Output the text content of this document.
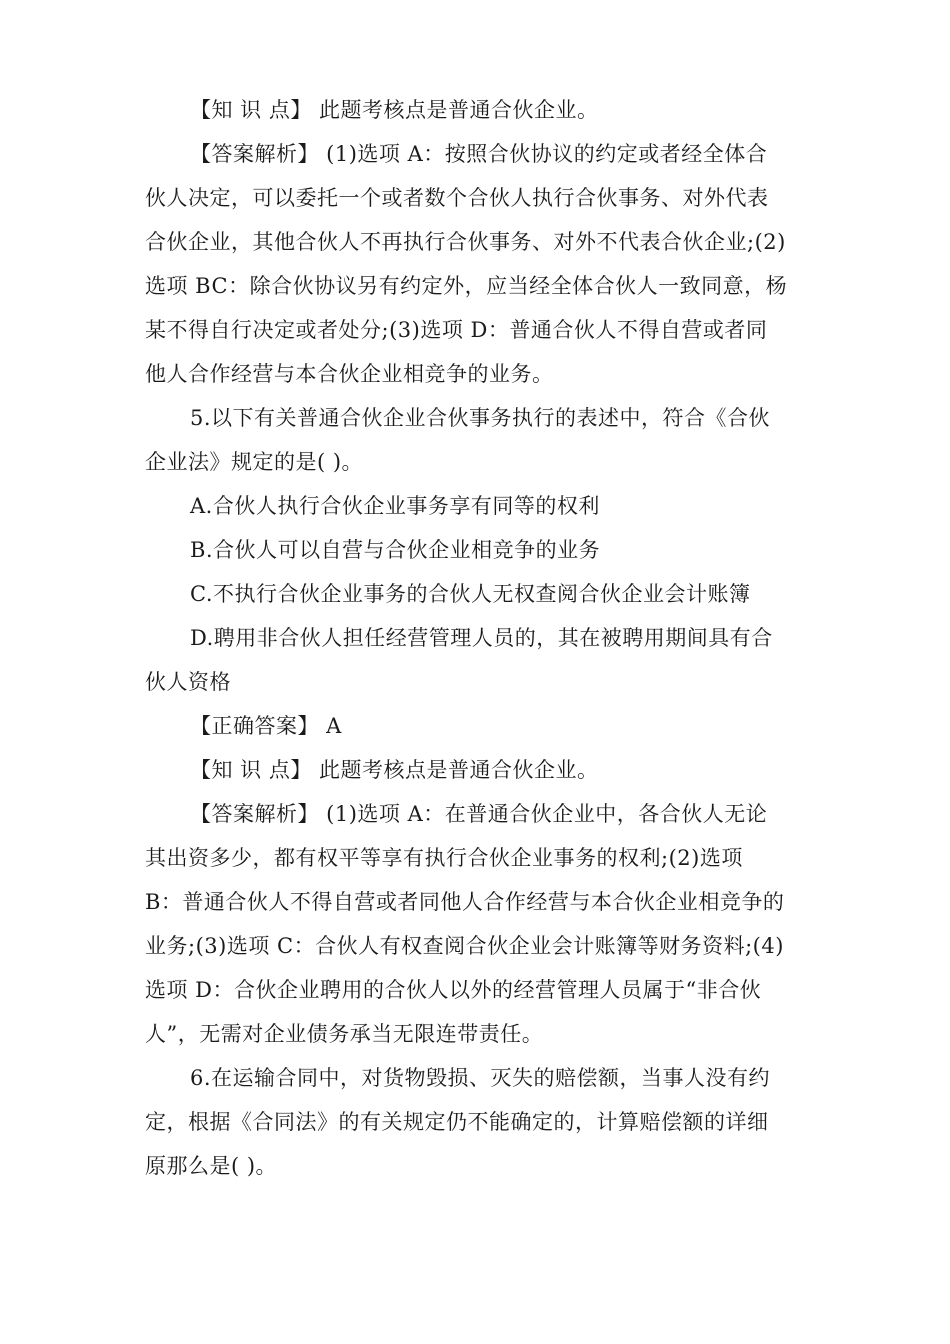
【知 识 点】 此题考核点是普通合伙企业。
【答案解析】 (1)选项 A：按照合伙协议的约定或者经全体合
伙人决定，可以委托一个或者数个合伙人执行合伙事务、对外代表
合伙企业，其他合伙人不再执行合伙事务、对外不代表合伙企业;(2)
选项 BC：除合伙协议另有约定外，应当经全体合伙人一致同意，杨
某不得自行决定或者处分;(3)选项 D：普通合伙人不得自营或者同
他人合作经营与本合伙企业相竞争的业务。
5.以下有关普通合伙企业合伙事务执行的表述中，符合《合伙
企业法》规定的是( )。
A.合伙人执行合伙企业事务享有同等的权利
B.合伙人可以自营与合伙企业相竞争的业务
C.不执行合伙企业事务的合伙人无权查阅合伙企业会计账簿
D.聘用非合伙人担任经营管理人员的，其在被聘用期间具有合
伙人资格
【正确答案】 A
【知 识 点】 此题考核点是普通合伙企业。
【答案解析】 (1)选项 A：在普通合伙企业中，各合伙人无论
其出资多少，都有权平等享有执行合伙企业事务的权利;(2)选项
B：普通合伙人不得自营或者同他人合作经营与本合伙企业相竞争的
业务;(3)选项 C：合伙人有权查阅合伙企业会计账簿等财务资料;(4)
选项 D：合伙企业聘用的合伙人以外的经营管理人员属于“非合伙
人”，无需对企业债务承当无限连带责任。
6.在运输合同中，对货物毁损、灭失的赔偿额，当事人没有约
定，根据《合同法》的有关规定仍不能确定的，计算赔偿额的详细
原那么是( )。
